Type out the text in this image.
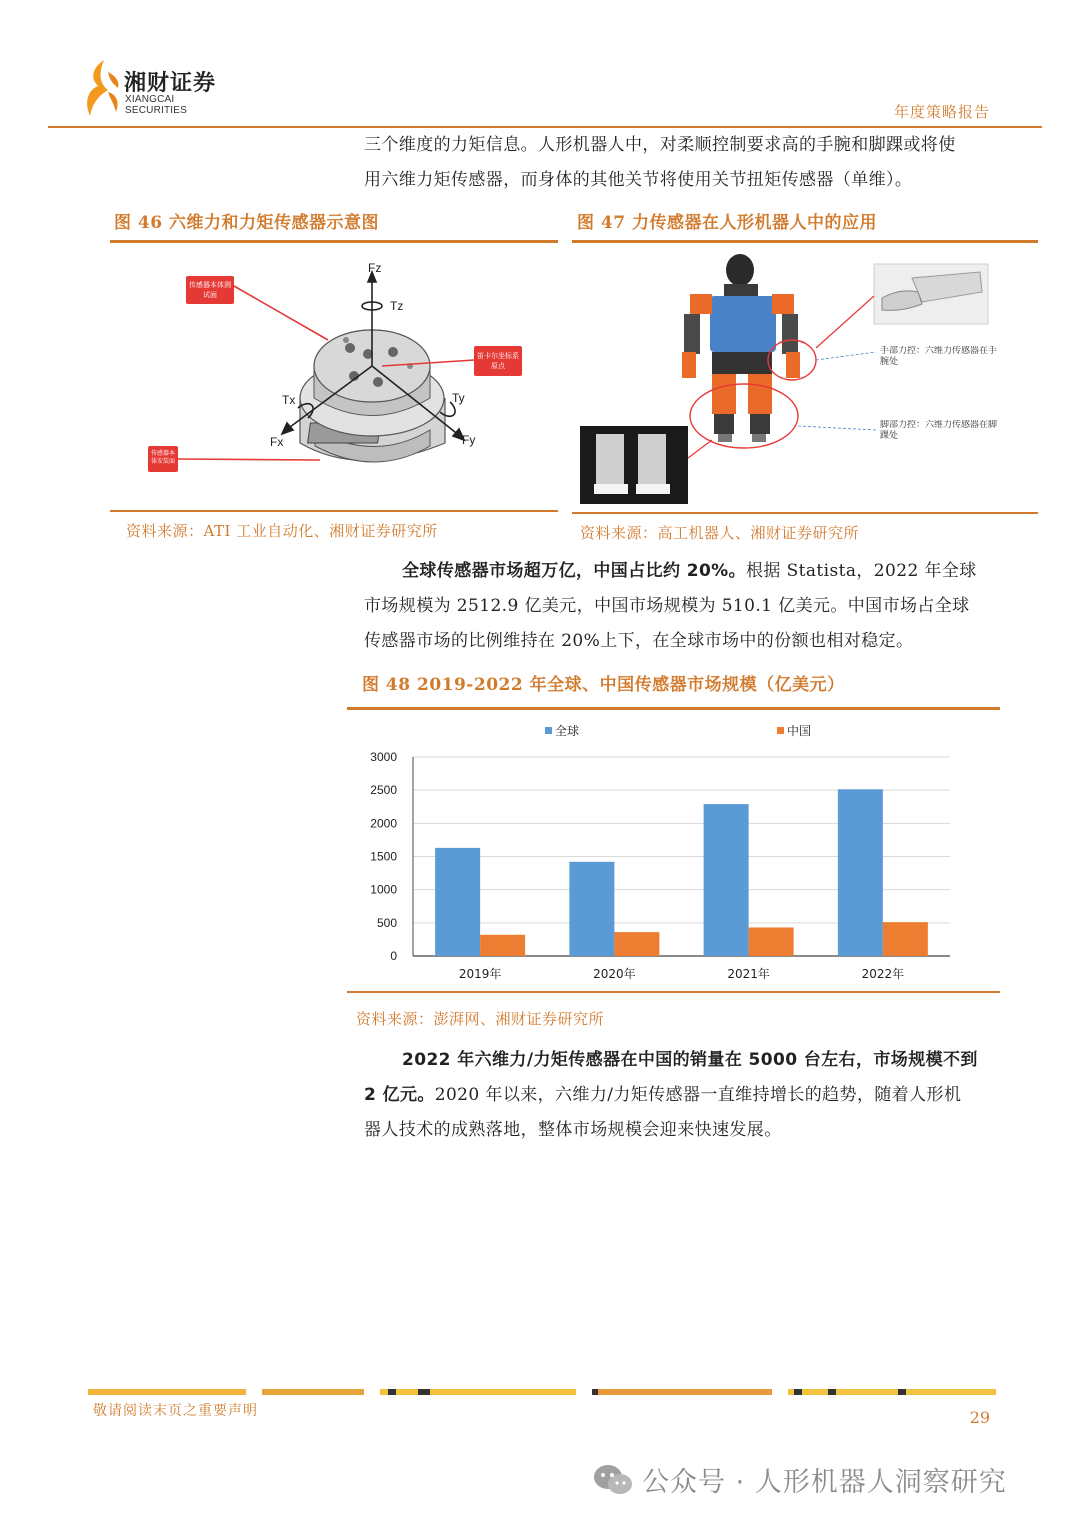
湘财证券
XIANGCAI SECURITIES	年度策略报告
三个维度的力矩信息。人形机器人中，对柔顺控制要求高的手腕和脚踝或将使
用六维力矩传感器，而身体的其他关节将使用关节扭矩传感器（单维）。
图 46 六维力和力矩传感器示意图
Fz
Tz
Tx
Fx
Ty
Fy
传感器本体测试面
笛卡尔坐标系原点
传感器本体安装面
资料来源：ATI 工业自动化、湘财证券研究所
图 47 力传感器在人形机器人中的应用
手部力控：六维力传感器在手腕处
脚部力控：六维力传感器在脚踝处
资料来源：高工机器人、湘财证券研究所
全球传感器市场超万亿，中国占比约 20%。根据 Statista，2022 年全球
市场规模为 2512.9 亿美元，中国市场规模为 510.1 亿美元。中国市场占全球
传感器市场的比例维持在 20%上下，在全球市场中的份额也相对稳定。
图 48 2019-2022 年全球、中国传感器市场规模（亿美元）
3000
2500
2000
1500
1000
500
0
2019年	2020年	2021年	2022年
全球	中国
资料来源：澎湃网、湘财证券研究所
2022 年六维力/力矩传感器在中国的销量在 5000 台左右，市场规模不到
2 亿元。2020 年以来，六维力/力矩传感器一直维持增长的趋势，随着人形机
器人技术的成熟落地，整体市场规模会迎来快速发展。
敬请阅读末页之重要声明	29
公众号 · 人形机器人洞察研究
